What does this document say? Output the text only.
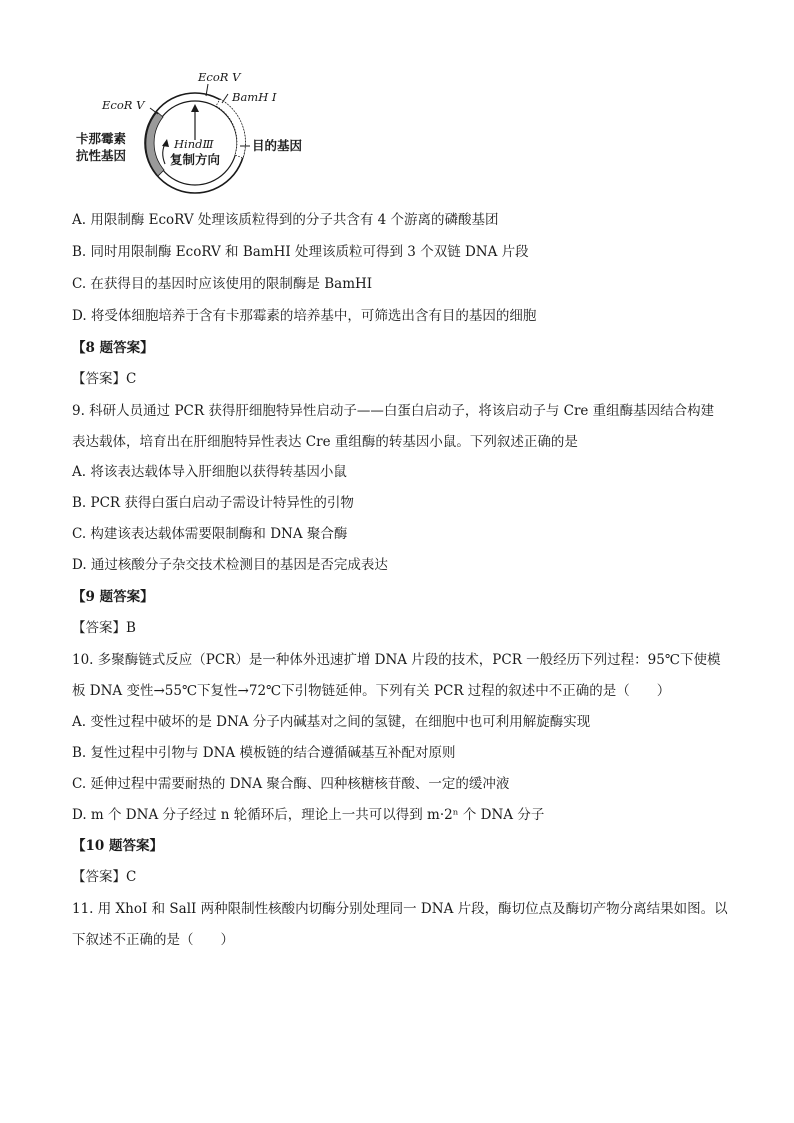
EcoR Ⅴ
BamH Ⅰ
EcoR Ⅴ
卡那霉素
抗性基因
HindⅢ
复制方向
目的基因
A. 用限制酶 EcoRV 处理该质粒得到的分子共含有 4 个游离的磷酸基团
B. 同时用限制酶 EcoRV 和 BamHI 处理该质粒可得到 3 个双链 DNA 片段
C. 在获得目的基因时应该使用的限制酶是 BamHI
D. 将受体细胞培养于含有卡那霉素的培养基中，可筛选出含有目的基因的细胞
【8 题答案】
【答案】C
9. 科研人员通过 PCR 获得肝细胞特异性启动子——白蛋白启动子，将该启动子与 Cre 重组酶基因结合构建
表达载体，培育出在肝细胞特异性表达 Cre 重组酶的转基因小鼠。下列叙述正确的是
A. 将该表达载体导入肝细胞以获得转基因小鼠
B. PCR 获得白蛋白启动子需设计特异性的引物
C. 构建该表达载体需要限制酶和 DNA 聚合酶
D. 通过核酸分子杂交技术检测目的基因是否完成表达
【9 题答案】
【答案】B
10. 多聚酶链式反应（PCR）是一种体外迅速扩增 DNA 片段的技术，PCR 一般经历下列过程：95℃下使模
板 DNA 变性→55℃下复性→72℃下引物链延伸。下列有关 PCR 过程的叙述中不正确的是（　　）
A. 变性过程中破坏的是 DNA 分子内碱基对之间的氢键，在细胞中也可利用解旋酶实现
B. 复性过程中引物与 DNA 模板链的结合遵循碱基互补配对原则
C. 延伸过程中需要耐热的 DNA 聚合酶、四种核糖核苷酸、一定的缓冲液
D. m 个 DNA 分子经过 n 轮循环后，理论上一共可以得到 m·2ⁿ 个 DNA 分子
【10 题答案】
【答案】C
11. 用 XhoI 和 SalI 两种限制性核酸内切酶分别处理同一 DNA 片段，酶切位点及酶切产物分离结果如图。以
下叙述不正确的是（　　）
